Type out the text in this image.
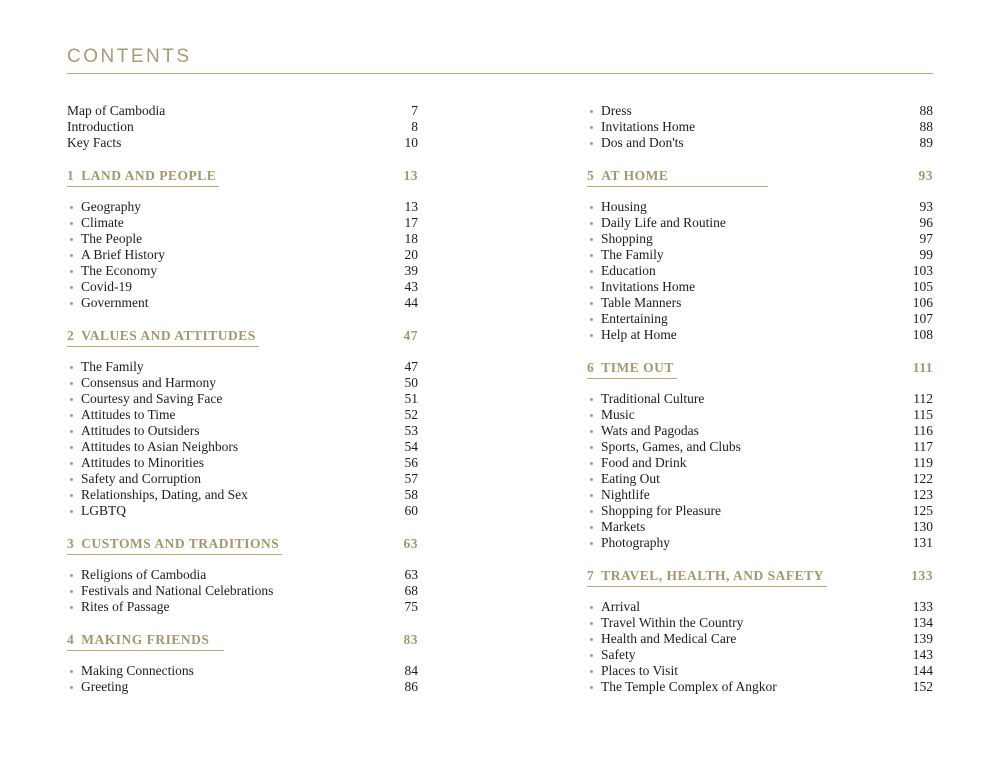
CONTENTS
Map of Cambodia	7
Introduction	8
Key Facts	10
1 LAND AND PEOPLE	13
Geography	13
Climate	17
The People	18
A Brief History	20
The Economy	39
Covid-19	43
Government	44
2 VALUES AND ATTITUDES	47
The Family	47
Consensus and Harmony	50
Courtesy and Saving Face	51
Attitudes to Time	52
Attitudes to Outsiders	53
Attitudes to Asian Neighbors	54
Attitudes to Minorities	56
Safety and Corruption	57
Relationships, Dating, and Sex	58
LGBTQ	60
3 CUSTOMS AND TRADITIONS	63
Religions of Cambodia	63
Festivals and National Celebrations	68
Rites of Passage	75
4 MAKING FRIENDS	83
Making Connections	84
Greeting	86
Dress	88
Invitations Home	88
Dos and Don'ts	89
5 AT HOME	93
Housing	93
Daily Life and Routine	96
Shopping	97
The Family	99
Education	103
Invitations Home	105
Table Manners	106
Entertaining	107
Help at Home	108
6 TIME OUT	111
Traditional Culture	112
Music	115
Wats and Pagodas	116
Sports, Games, and Clubs	117
Food and Drink	119
Eating Out	122
Nightlife	123
Shopping for Pleasure	125
Markets	130
Photography	131
7 TRAVEL, HEALTH, AND SAFETY	133
Arrival	133
Travel Within the Country	134
Health and Medical Care	139
Safety	143
Places to Visit	144
The Temple Complex of Angkor	152
